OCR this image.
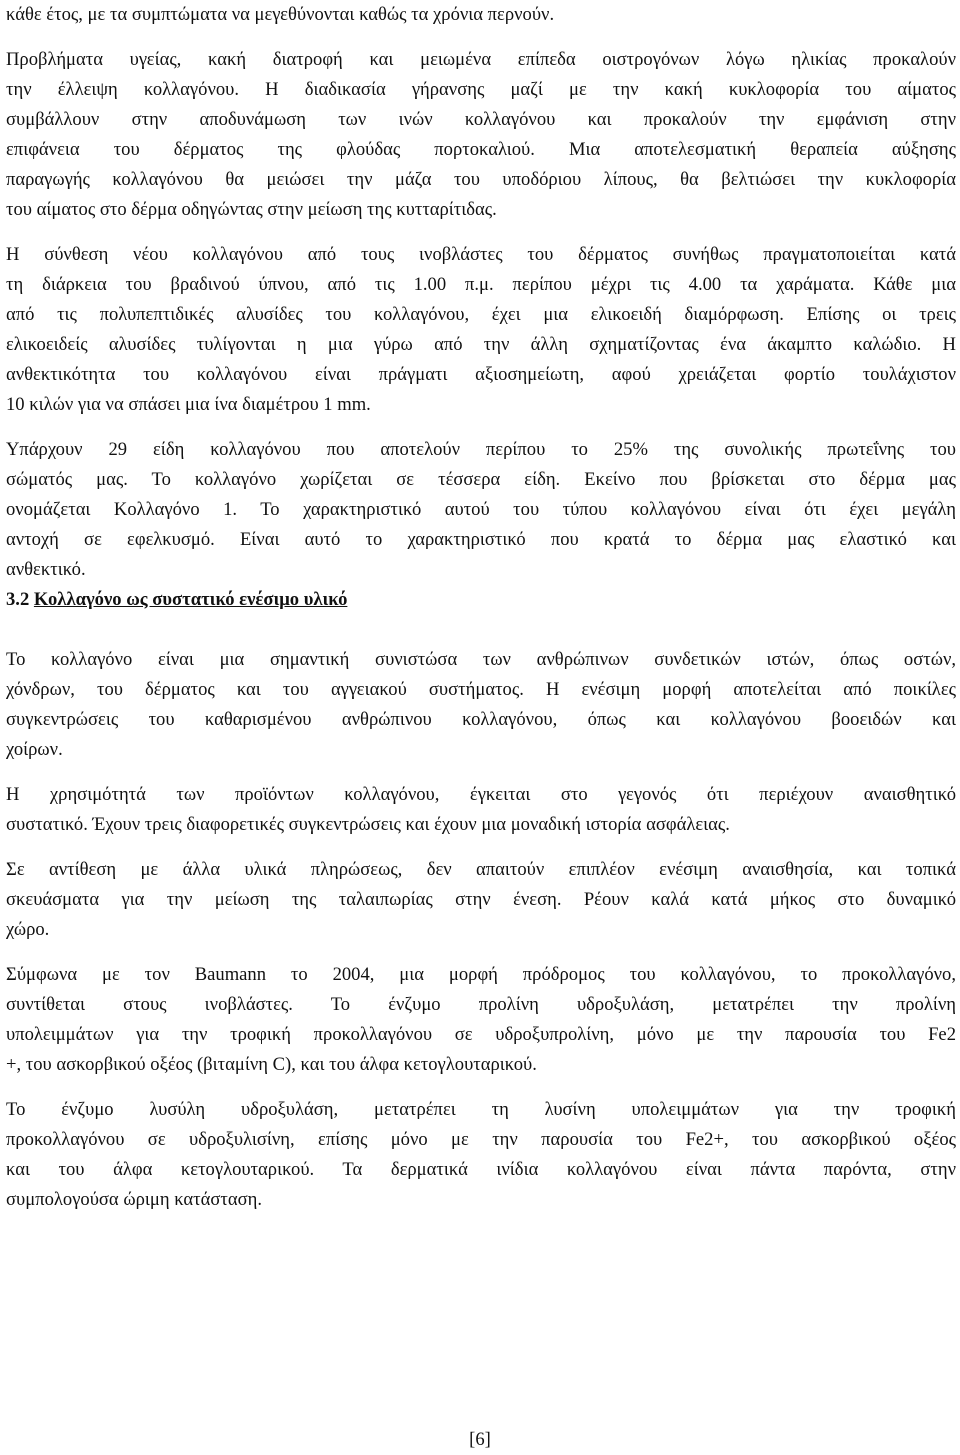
κάθε έτος, με τα συμπτώματα να μεγεθύνονται καθώς τα χρόνια περνούν.

Προβλήματα υγείας, κακή διατροφή και μειωμένα επίπεδα οιστρογόνων λόγω ηλικίας προκαλούν
την έλλειψη κολλαγόνου. Η διαδικασία γήρανσης μαζί με την κακή κυκλοφορία του αίματος
συμβάλλουν στην αποδυνάμωση των ινών κολλαγόνου και προκαλούν την εμφάνιση στην
επιφάνεια του δέρματος της φλούδας πορτοκαλιού. Μια αποτελεσματική θεραπεία αύξησης
παραγωγής κολλαγόνου θα μειώσει την μάζα του υποδόριου λίπους, θα βελτιώσει την κυκλοφορία
του αίματος στο δέρμα οδηγώντας στην μείωση της κυτταρίτιδας.

Η σύνθεση νέου κολλαγόνου από τους ινοβλάστες του δέρματος συνήθως πραγματοποιείται κατά
τη διάρκεια του βραδινού ύπνου, από τις 1.00 π.μ. περίπου μέχρι τις 4.00 τα χαράματα. Κάθε μια
από τις πολυπεπτιδικές αλυσίδες του κολλαγόνου, έχει μια ελικοειδή διαμόρφωση. Επίσης οι τρεις
ελικοειδείς αλυσίδες τυλίγονται η μια γύρω από την άλλη σχηματίζοντας ένα άκαμπτο καλώδιο. Η
ανθεκτικότητα του κολλαγόνου είναι πράγματι αξιοσημείωτη, αφού χρειάζεται φορτίο τουλάχιστον
10 κιλών για να σπάσει μια ίνα διαμέτρου 1 mm.

Υπάρχουν 29 είδη κολλαγόνου που αποτελούν περίπου το 25% της συνολικής πρωτεΐνης του
σώματός μας. Το κολλαγόνο χωρίζεται σε τέσσερα είδη. Εκείνο που βρίσκεται στο δέρμα μας
ονομάζεται Κολλαγόνο 1. Το χαρακτηριστικό αυτού του τύπου κολλαγόνου είναι ότι έχει μεγάλη
αντοχή σε εφελκυσμό. Είναι αυτό το χαρακτηριστικό που κρατά το δέρμα μας ελαστικό και
ανθεκτικό.

3.2 Κολλαγόνο ως συστατικό ενέσιμο υλικό

Το κολλαγόνο είναι μια σημαντική συνιστώσα των ανθρώπινων συνδετικών ιστών, όπως οστών,
χόνδρων, του δέρματος και του αγγειακού συστήματος. Η ενέσιμη μορφή αποτελείται από ποικίλες
συγκεντρώσεις του καθαρισμένου ανθρώπινου κολλαγόνου, όπως και κολλαγόνου βοοειδών και
χοίρων.

Η χρησιμότητά των προϊόντων κολλαγόνου, έγκειται στο γεγονός ότι περιέχουν αναισθητικό
συστατικό. Έχουν τρεις διαφορετικές συγκεντρώσεις και έχουν μια μοναδική ιστορία ασφάλειας.

Σε αντίθεση με άλλα υλικά πληρώσεως, δεν απαιτούν επιπλέον ενέσιμη αναισθησία, και τοπικά
σκευάσματα για την μείωση της ταλαιπωρίας στην ένεση. Ρέουν καλά κατά μήκος στο δυναμικό
χώρο.

Σύμφωνα με τον Baumann το 2004, μια μορφή πρόδρομος του κολλαγόνου, το προκολλαγόνο,
συντίθεται στους ινοβλάστες. Το ένζυμο προλίνη υδροξυλάση, μετατρέπει την προλίνη
υπολειμμάτων για την τροφική προκολλαγόνου σε υδροξυπρολίνη, μόνο με την παρουσία του Fe2
+, του ασκορβικού οξέος (βιταμίνη C), και του άλφα κετογλουταρικού.

Το ένζυμο λυσύλη υδροξυλάση, μετατρέπει τη λυσίνη υπολειμμάτων για την τροφική
προκολλαγόνου σε υδροξυλισίνη, επίσης μόνο με την παρουσία του Fe2+, του ασκορβικού οξέος
και του άλφα κετογλουταρικού. Τα δερματικά ινίδια κολλαγόνου είναι πάντα παρόντα, στην
συμπολογούσα ώριμη κατάσταση.

[6]
